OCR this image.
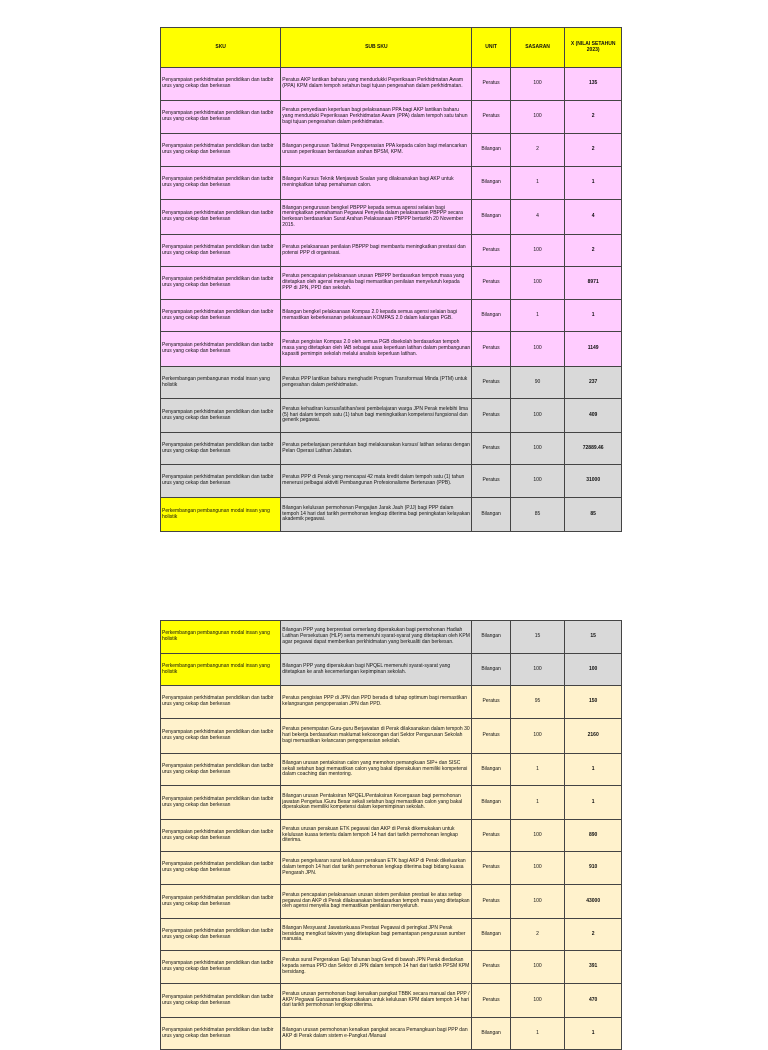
SKU	SUB SKU	UNIT	SASARAN	X (NILAI SETAHUN 2023)
Penyampaian perkhidmatan pendidikan dan tadbir urus yang cekap dan berkesan	Peratus AKP lantikan baharu yang mendudukki Peperiksaan Perkhidmatan Awam (PPA) KPM dalam tempoh setahun bagi tujuan pengesahan dalam perkhidmatan.	Peratus	100	135
Penyampaian perkhidmatan pendidikan dan tadbir urus yang cekap dan berkesan	Peratus penyediaan keperluan bagi pelaksanaan PPA bagi AKP lantikan baharu yang menduduki Peperiksaan Perkhidmatan Awam (PPA) dalam tempoh satu tahun bagi tujuan pengesahan dalam perkhidmatan.	Peratus	100	2
Penyampaian perkhidmatan pendidikan dan tadbir urus yang cekap dan berkesan	Bilangan pengurusan Taklimat Pengoperasian PPA kepada calon bagi melancarkan urusan peperiksaan berdasarkan arahan BPSM, KPM.	Bilangan	2	2
Penyampaian perkhidmatan pendidikan dan tadbir urus yang cekap dan berkesan	Bilangan Kursus Teknik Menjawab Soalan yang dilaksanakan bagi AKP untuk meningkatkan tahap pemahaman calon.	Bilangan	1	1
Penyampaian perkhidmatan pendidikan dan tadbir urus yang cekap dan berkesan	Bilangan pengurusan bengkel PBPPP kepada semua agensi selaian bagi meningkatkan pemahaman Pegawai Penyelia dalam pelaksanaan PBPPP secara berkesan berdasarkan Surat Arahan Pelaksanaan PBPPP bertarikh 20 November 2015.	Bilangan	4	4
Penyampaian perkhidmatan pendidikan dan tadbir urus yang cekap dan berkesan	Peratus pelaksanaan penilaian PBPPP bagi membantu meningkatkan prestasi dan potensi PPP di organisasi.	Peratus	100	2
Penyampaian perkhidmatan pendidikan dan tadbir urus yang cekap dan berkesan	Peratus pencapaian pelaksanaan urusan PBPPP berdasarkan tempoh masa yang ditetapkan oleh agensi menyelia bagi memastikan penilaian menyeluruh kepada PPP di JPN, PPD dan sekolah.	Peratus	100	8971
Penyampaian perkhidmatan pendidikan dan tadbir urus yang cekap dan berkesan	Bilangan bengkel pelaksanaan Kompas 2.0 kepada semua agensi selaian bagi memastikan keberkesanan pelaksanaan KOMPAS 2.0 dalam kalangan PGB.	Bilangan	1	1
Penyampaian perkhidmatan pendidikan dan tadbir urus yang cekap dan berkesan	Peratus pengisian Kompas 2.0 oleh semua PGB disekolah berdasarkan tempoh masa yang ditetapkan oleh IAB sebagai asas keperluan latihan dalam pembangunan kapasiti pemimpin sekolah melalui analisis keperluan latihan.	Peratus	100	1149
Perkembangan pembangunan modal insan yang holistik	Peratus PPP lantikan baharu menghadiri Program Transformasi Minda (PTM) untuk pengesahan dalam perkhidmatan.	Peratus	90	237
Penyampaian perkhidmatan pendidikan dan tadbir urus yang cekap dan berkesan	Peratus kehadiran kursus/latihan/sesi pembelajaran warga JPN Perak melebihi lima (5) hari dalam tempoh satu (1) tahun bagi meningkatkan kompetensi fungsional dan generik pegawai.	Peratus	100	409
Penyampaian perkhidmatan pendidikan dan tadbir urus yang cekap dan berkesan	Peratus perbelanjaan peruntukan bagi melaksanakan kursus/ latihan selaras dengan Pelan Operasi Latihan Jabatan.	Peratus	100	72889.46
Penyampaian perkhidmatan pendidikan dan tadbir urus yang cekap dan berkesan	Peratus PPP di Perak yang mencapai 42 mata kredit dalam tempoh satu (1) tahun menerusi pelbagai aktiviti Pembangunan Profesionalisme Berterusan (PPB).	Peratus	100	31000
Perkembangan pembangunan modal insan yang holistik	Bilangan kelulusan permohonan Pengajian Jarak Jauh (PJJ) bagi PPP dalam tempoh 14 hari dari tarikh permohonan lengkap diterima bagi peningkatan kelayakan akademik pegawai.	Bilangan	85	85
Perkembangan pembangunan modal insan yang holistik	Bilangan PPP yang berprestasi cemerlang diperakukan bagi permohonan Hadiah Latihan Persekutuan (HLP) serta memenuhi syarat-syarat yang ditetapkan oleh KPM agar pegawai dapat memberikan perkhidmatan yang berkualiti dan berkesan.	Bilangan	15	15
Perkembangan pembangunan modal insan yang holistik	Bilangan PPP yang diperakukan bagi NPQEL memenuhi syarat-syarat yang ditetapkan ke arah kecemerlangan kepimpinan sekolah.	Bilangan	100	100
Penyampaian perkhidmatan pendidikan dan tadbir urus yang cekap dan berkesan	Peratus pengisian PPP di JPN dan PPD berada di tahap optimum bagi memastikan kelangsungan pengoperasian JPN dan PPD.	Peratus	95	150
Penyampaian perkhidmatan pendidikan dan tadbir urus yang cekap dan berkesan	Peratus penempatan Guru-guru Berjawatan di Perak dilaksanakan dalam tempoh 30 hari bekerja berdasarkan maklumat kekosongan dari Sektor Pengurusan Sekolah bagi memastikan kelancaran pengoperasian sekolah.	Peratus	100	2160
Penyampaian perkhidmatan pendidikan dan tadbir urus yang cekap dan berkesan	Bilangan urusan pentaksiran calon yang memohon pemangkuan SIP+ dan SISC sekali setahun bagi memastikan calon yang bakal diperakukan memiliki kompetensi dalam coaching dan mentoring.	Bilangan	1	1
Penyampaian perkhidmatan pendidikan dan tadbir urus yang cekap dan berkesan	Bilangan urusan Pentaksiran NPQEL/Pentaksiran Kecergasan bagi permohonan jawatan Pengetua /Guru Besar sekali setahun bagi memastikan calon yang bakal diperakukan memiliki kompetensi dalam kepemimpinan sekolah.	Bilangan	1	1
Penyampaian perkhidmatan pendidikan dan tadbir urus yang cekap dan berkesan	Peratus urusan perakuan ETK pegawai dan AKP di Perak dikemukakan untuk kelulusan kuasa tertentu dalam tempoh 14 hari dari tarikh permohonan lengkap diterima.	Peratus	100	890
Penyampaian perkhidmatan pendidikan dan tadbir urus yang cekap dan berkesan	Peratus pengeluaran surat kelulusan perakuan ETK bagi AKP di Perak dikeluarkan dalam tempoh 14 hari dari tarikh permohonan lengkap diterima bagi bidang kuasa Pengarah JPN.	Peratus	100	910
Penyampaian perkhidmatan pendidikan dan tadbir urus yang cekap dan berkesan	Peratus pencapaian pelaksanaan urusan sistem penilaian prestasi ke atas setiap pegawai dan AKP di Perak dilaksanakan berdasarkan tempoh masa yang ditetapkan oleh agensi menyelia bagi memastikan penilaian menyeluruh.	Peratus	100	43000
Penyampaian perkhidmatan pendidikan dan tadbir urus yang cekap dan berkesan	Bilangan Mesyuarat Jawatankuasa Prestasi Pegawai di peringkat JPN Perak bersidang mengikut takwim yang ditetapkan bagi pemantapan pengurusan sumber manusia.	Bilangan	2	2
Penyampaian perkhidmatan pendidikan dan tadbir urus yang cekap dan berkesan	Peratus surat Pergerakan Gaji Tahunan bagi Gred di bawah JPN Perak diedarkan kepada semua PPD dan Sektor di JPN dalam tempoh 14 hari dari tarikh PPSM KPM bersidang.	Peratus	100	391
Penyampaian perkhidmatan pendidikan dan tadbir urus yang cekap dan berkesan	Peratus urusan permohonan bagi kenaikan pangkat TBBK secara manual dan PPP / AKP/ Pegawai Gunasama dikemukakan untuk kelulusan KPM dalam tempoh 14 hari dari tarikh permohonan lengkap diterima.	Peratus	100	470
Penyampaian perkhidmatan pendidikan dan tadbir urus yang cekap dan berkesan	Bilangan urusan permohonan kenaikan pangkat secara Pemangkuan bagi PPP dan AKP di Perak dalam sistem e-Pangkat /Manual	Bilangan	1	1
